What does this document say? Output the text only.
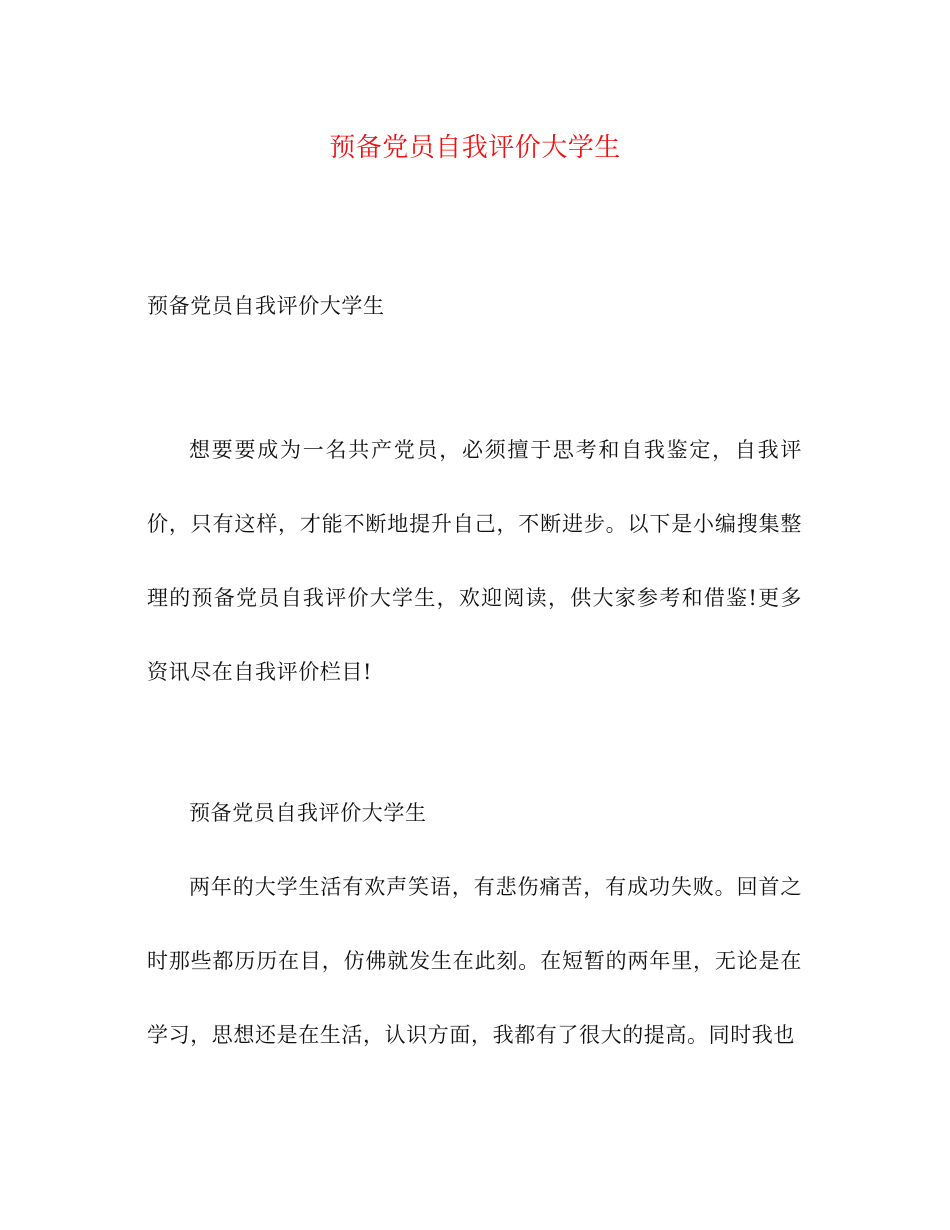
预备党员自我评价大学生

预备党员自我评价大学生

想要要成为一名共产党员，必须擅于思考和自我鉴定，自我评价，只有这样，才能不断地提升自己，不断进步。以下是小编搜集整理的预备党员自我评价大学生，欢迎阅读，供大家参考和借鉴!更多资讯尽在自我评价栏目!

预备党员自我评价大学生

两年的大学生活有欢声笑语，有悲伤痛苦，有成功失败。回首之时那些都历历在目，仿佛就发生在此刻。在短暂的两年里，无论是在学习，思想还是在生活，认识方面，我都有了很大的提高。同时我也
